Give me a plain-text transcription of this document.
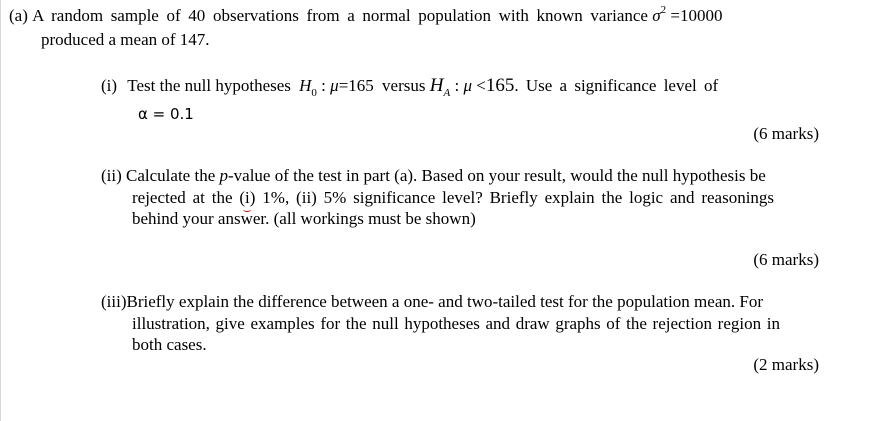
(a) A random sample of 40 observations from a normal population with known variance $\sigma^2 =10000$
produced a mean of 147.
(i) Test the null hypotheses $H_0$ : μ=165 versus $H_A$ : μ <165. Use a significance level of
α = 0.1
(6 marks)
(ii) Calculate the p-value of the test in part (a). Based on your result, would the null hypothesis be
rejected at the (i) 1%, (ii) 5% significance level? Briefly explain the logic and reasonings
behind your answer. (all workings must be shown)
(6 marks)
(iii)Briefly explain the difference between a one- and two-tailed test for the population mean. For
illustration, give examples for the null hypotheses and draw graphs of the rejection region in
both cases.
(2 marks)
